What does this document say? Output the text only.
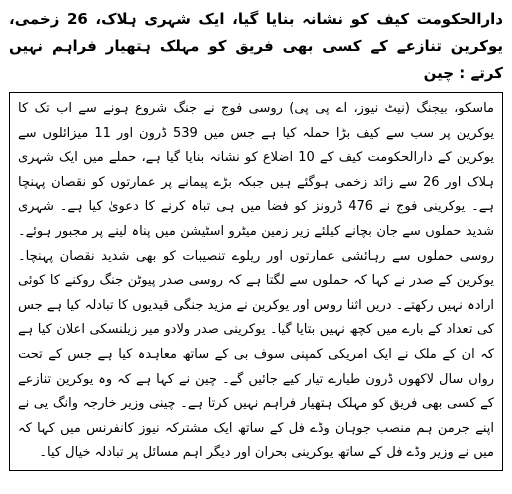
دارالحکومت کیف کو نشانہ بنایا گیا، ایک شہری ہلاک، 26 زخمی، یوکرین تنازعے کے کسی بھی فریق کو مہلک ہتھیار فراہم نہیں کرتے : چین

ماسکو، بیجنگ (نیٹ نیوز، اے پی پی) روسی فوج نے جنگ شروع ہونے سے اب تک کا یوکرین پر سب سے کیف بڑا حملہ کیا ہے جس میں 539 ڈرون اور 11 میزائلوں سے یوکرین کے دارالحکومت کیف کے 10 اضلاع کو نشانہ بنایا گیا ہے، حملے میں ایک شہری ہلاک اور 26 سے زائد زخمی ہوگئے ہیں جبکہ بڑے پیمانے پر عمارتوں کو نقصان پہنچا ہے۔ یوکرینی فوج نے 476 ڈرونز کو فضا میں ہی تباہ کرنے کا دعویٰ کیا ہے۔ شہری شدید حملوں سے جان بچانے کیلئے زیر زمین میٹرو اسٹیشن میں پناہ لینے پر مجبور ہوئے۔ روسی حملوں سے رہائشی عمارتوں اور ریلوے تنصیبات کو بھی شدید نقصان پہنچا۔ یوکرین کے صدر نے کہا کہ حملوں سے لگتا ہے کہ روسی صدر پیوٹن جنگ روکنے کا کوئی ارادہ نہیں رکھتے۔ دریں اثنا روس اور یوکرین نے مزید جنگی قیدیوں کا تبادلہ کیا ہے جس کی تعداد کے بارے میں کچھ نہیں بتایا گیا۔ یوکرینی صدر ولادو میر زیلنسکی اعلان کیا ہے کہ ان کے ملک نے ایک امریکی کمپنی سوف بی کے ساتھ معاہدہ کیا ہے جس کے تحت رواں سال لاکھوں ڈرون طیارے تیار کیے جائیں گے۔ چین نے کہا ہے کہ وہ یوکرین تنازعے کے کسی بھی فریق کو مہلک ہتھیار فراہم نہیں کرتا ہے۔ چینی وزیر خارجہ وانگ یی نے اپنے جرمن ہم منصب جوہان وڈے فل کے ساتھ ایک مشترکہ نیوز کانفرنس میں کہا کہ میں نے وزیر وڈے فل کے ساتھ یوکرینی بحران اور دیگر اہم مسائل پر تبادلہ خیال کیا۔
